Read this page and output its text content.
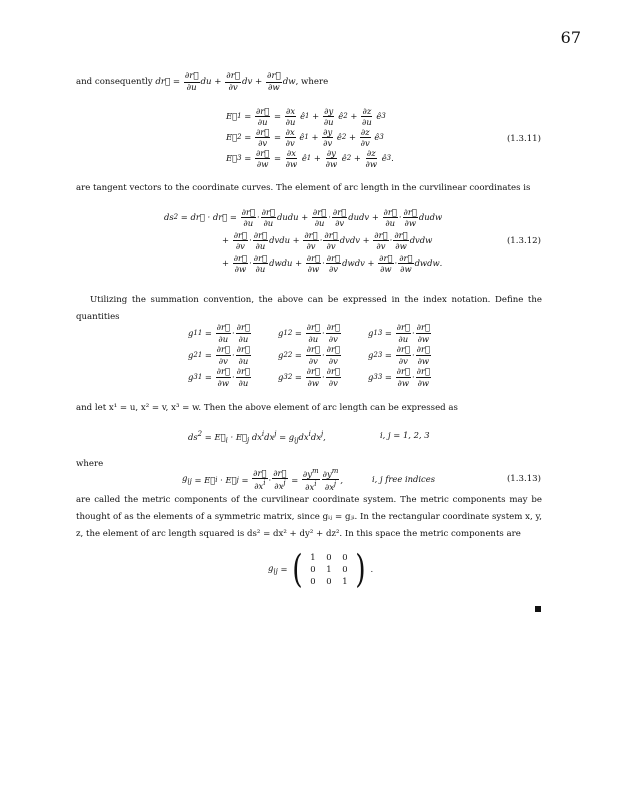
67
and consequently
dr⃗ = $\frac{\partial r⃗}{\partial u}$ du + $\frac{\partial r⃗}{\partial v}$ dv + $\frac{\partial r⃗}{\partial w}$ dw , where
E⃗ $1 = \frac{\partial r⃗}{\partial u} = \frac{\partial x}{\partial u}$ ê $1 + \frac{\partial y}{\partial u}$ ê $2 + \frac{\partial z}{\partial u}$ ê 3
E⃗ $2 = \frac{\partial r⃗}{\partial v} = \frac{\partial x}{\partial v}$ ê $1 + \frac{\partial y}{\partial v}$ ê $2 + \frac{\partial z}{\partial v}$ ê 3
E⃗ $3 = \frac{\partial r⃗}{\partial w} = \frac{\partial x}{\partial w}$ ê $1 + \frac{\partial y}{\partial w}$ ê $2 + \frac{\partial z}{\partial w}$ ê 3 .
(1.3.11)
are tangent vectors to the coordinate curves. The element of arc length in the curvilinear coordinates is
ds 2 = dr⃗ · dr⃗ = $\frac{\partial r⃗}{\partial u} \cdot \frac{\partial r⃗}{\partial u}$ dudu + $\frac{\partial r⃗}{\partial u} \cdot \frac{\partial r⃗}{\partial v}$ dudv + $\frac{\partial r⃗}{\partial u} \cdot \frac{\partial r⃗}{\partial w}$ dudw
+ $\frac{\partial r⃗}{\partial v} \cdot \frac{\partial r⃗}{\partial u}$ dvdu + $\frac{\partial r⃗}{\partial v} \cdot \frac{\partial r⃗}{\partial v}$ dvdv + $\frac{\partial r⃗}{\partial v} \cdot \frac{\partial r⃗}{\partial w}$ dvdw
+ $\frac{\partial r⃗}{\partial w} \cdot \frac{\partial r⃗}{\partial u}$ dwdu + $\frac{\partial r⃗}{\partial w} \cdot \frac{\partial r⃗}{\partial v}$ dwdv + $\frac{\partial r⃗}{\partial w} \cdot \frac{\partial r⃗}{\partial w}$ dwdw .
(1.3.12)
Utilizing the summation convention, the above can be expressed in the index notation. Define the quantities
g $11 = \frac{\partial r⃗}{\partial u} \cdot \frac{\partial r⃗}{\partial u}$	g $12 = \frac{\partial r⃗}{\partial u} \cdot \frac{\partial r⃗}{\partial v}$	g $13 = \frac{\partial r⃗}{\partial u} \cdot \frac{\partial r⃗}{\partial w}$
g $21 = \frac{\partial r⃗}{\partial v} \cdot \frac{\partial r⃗}{\partial u}$	g $22 = \frac{\partial r⃗}{\partial v} \cdot \frac{\partial r⃗}{\partial v}$	g $23 = \frac{\partial r⃗}{\partial v} \cdot \frac{\partial r⃗}{\partial w}$
g $31 = \frac{\partial r⃗}{\partial w} \cdot \frac{\partial r⃗}{\partial u}$	g $32 = \frac{\partial r⃗}{\partial w} \cdot \frac{\partial r⃗}{\partial v}$	g $33 = \frac{\partial r⃗}{\partial w} \cdot \frac{\partial r⃗}{\partial w}$
and let x¹ = u, x² = v, x³ = w. Then the above element of arc length can be expressed as
$ds^2$ = $E⃗_i$ · $E⃗_j$ $dx^idx^j = g_{ij}dx^idx^j$,	i, j = 1, 2, 3
where
$g_{ij}$ = E⃗ i · E⃗ $j = \frac{\partial r⃗}{\partial x^i} \cdot \frac{\partial r⃗}{\partial x^j} = \frac{\partial y^m}{\partial x^i} \frac{\partial y^m}{\partial x^j}$ ,	i, j free indices	(1.3.13)
are called the metric components of the curvilinear coordinate system. The metric components may be thought of as the elements of a symmetric matrix, since gᵢⱼ = gⱼᵢ. In the rectangular coordinate system x, y, z, the element of arc length squared is ds² = dx² + dy² + dz². In this space the metric components are
$g_{ij}$ = ( 1	0	0
0	1	0
0	0	1 ) .
